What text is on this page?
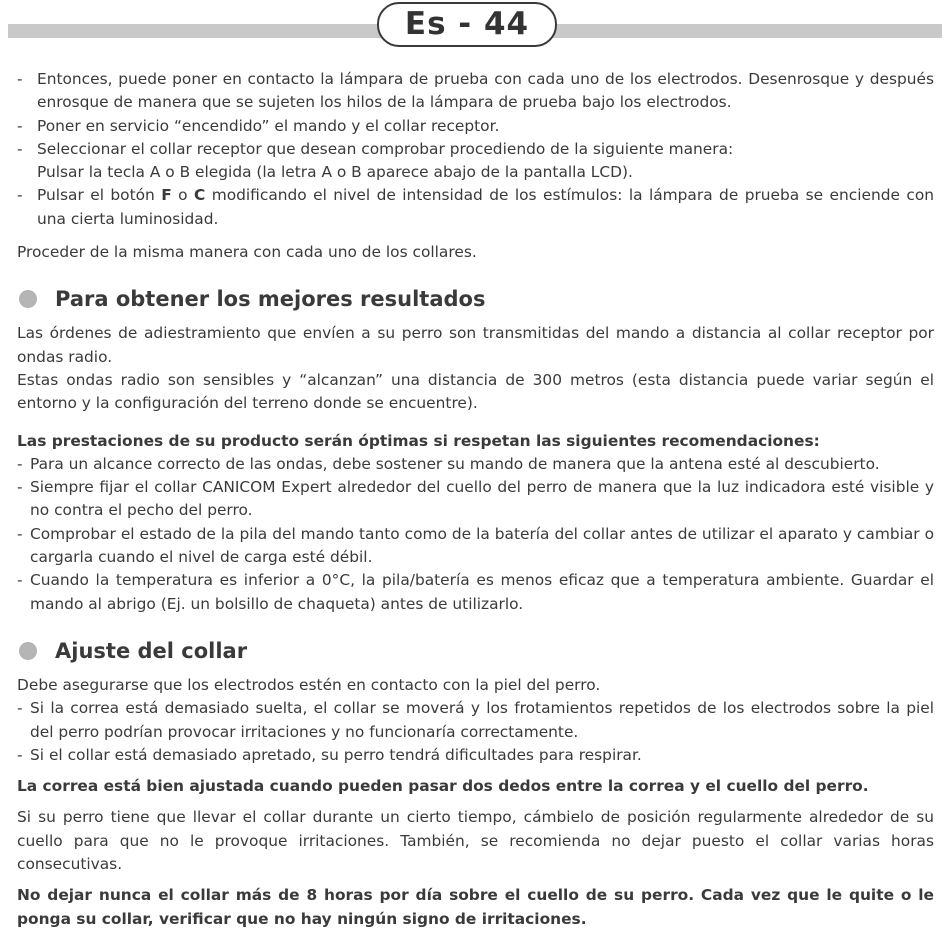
Es - 44
- Entonces, puede poner en contacto la lámpara de prueba con cada uno de los electrodos. Desenrosque y después enrosque de manera que se sujeten los hilos de la lámpara de prueba bajo los electrodos.
- Poner en servicio “encendido” el mando y el collar receptor.
- Seleccionar el collar receptor que desean comprobar procediendo de la siguiente manera:
Pulsar la tecla A o B elegida (la letra A o B aparece abajo de la pantalla LCD).
- Pulsar el botón F o C modificando el nivel de intensidad de los estímulos: la lámpara de prueba se enciende con una cierta luminosidad.

Proceder de la misma manera con cada uno de los collares.

Para obtener los mejores resultados

Las órdenes de adiestramiento que envíen a su perro son transmitidas del mando a distancia al collar receptor por ondas radio.

Estas ondas radio son sensibles y “alcanzan” una distancia de 300 metros (esta distancia puede variar según el entorno y la configuración del terreno donde se encuentre).

Las prestaciones de su producto serán óptimas si respetan las siguientes recomendaciones:

- Para un alcance correcto de las ondas, debe sostener su mando de manera que la antena esté al descubierto.
- Siempre fijar el collar CANICOM Expert alrededor del cuello del perro de manera que la luz indicadora esté visible y no contra el pecho del perro.
- Comprobar el estado de la pila del mando tanto como de la batería del collar antes de utilizar el aparato y cambiar o cargarla cuando el nivel de carga esté débil.
- Cuando la temperatura es inferior a 0°C, la pila/batería es menos eficaz que a temperatura ambiente. Guardar el mando al abrigo (Ej. un bolsillo de chaqueta) antes de utilizarlo.
Ajuste del collar

Debe asegurarse que los electrodos estén en contacto con la piel del perro.

- Si la correa está demasiado suelta, el collar se moverá y los frotamientos repetidos de los electrodos sobre la piel del perro podrían provocar irritaciones y no funcionaría correctamente.
- Si el collar está demasiado apretado, su perro tendrá dificultades para respirar.

La correa está bien ajustada cuando pueden pasar dos dedos entre la correa y el cuello del perro.

Si su perro tiene que llevar el collar durante un cierto tiempo, cámbielo de posición regularmente alrededor de su cuello para que no le provoque irritaciones. También, se recomienda no dejar puesto el collar varias horas consecutivas.

No dejar nunca el collar más de 8 horas por día sobre el cuello de su perro. Cada vez que le quite o le ponga su collar, verificar que no hay ningún signo de irritaciones.
